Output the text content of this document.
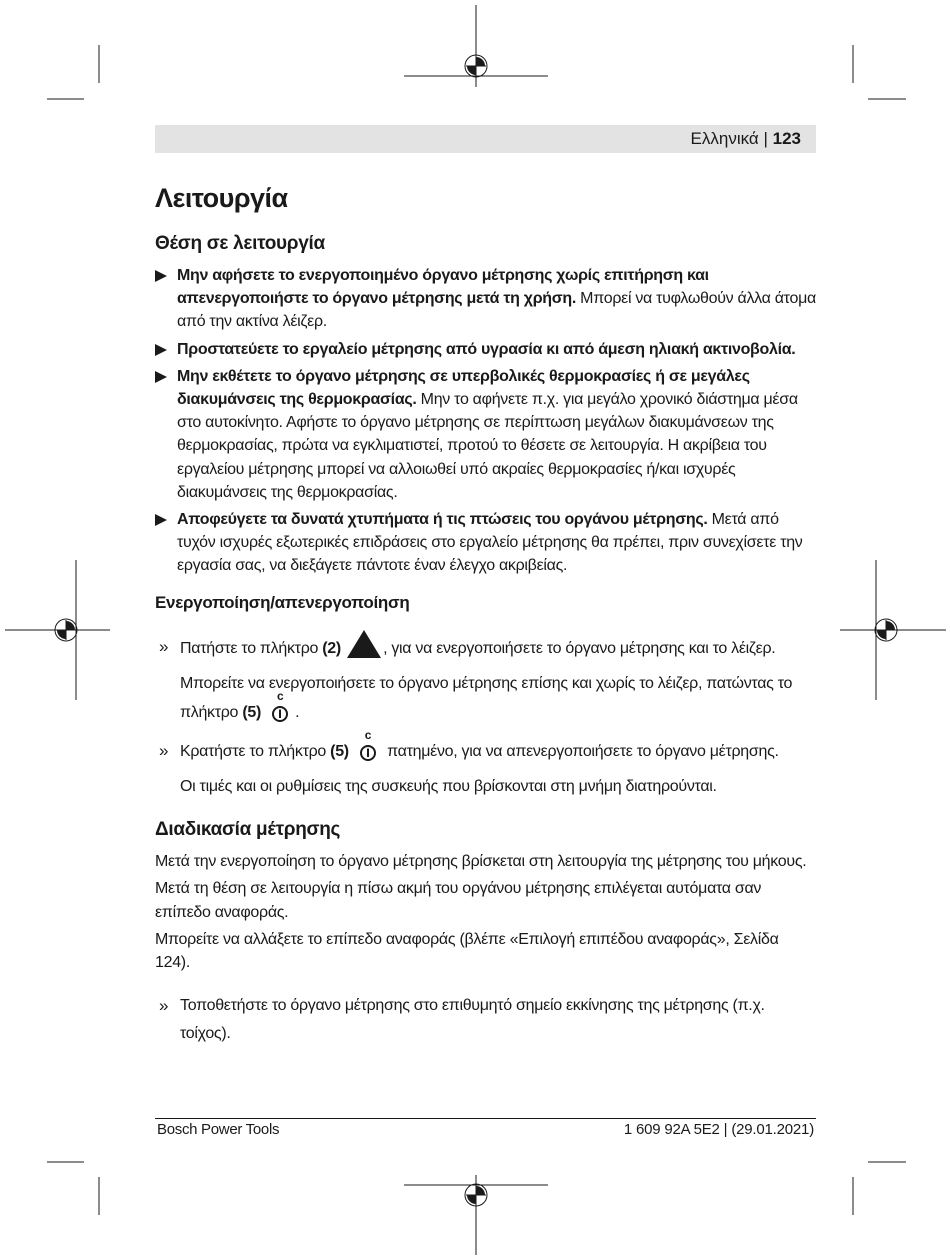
Ελληνικά | 123
Λειτουργία
Θέση σε λειτουργία
Μην αφήσετε το ενεργοποιημένο όργανο μέτρησης χωρίς επιτήρηση και απενεργοποιήστε το όργανο μέτρησης μετά τη χρήση. Μπορεί να τυφλωθούν άλλα άτομα από την ακτίνα λέιζερ.
Προστατεύετε το εργαλείο μέτρησης από υγρασία κι από άμεση ηλιακή ακτινοβολία.
Μην εκθέτετε το όργανο μέτρησης σε υπερβολικές θερμοκρασίες ή σε μεγάλες διακυμάνσεις της θερμοκρασίας. Μην το αφήνετε π.χ. για μεγάλο χρονικό διάστημα μέσα στο αυτοκίνητο. Αφήστε το όργανο μέτρησης σε περίπτωση μεγάλων διακυμάνσεων της θερμοκρασίας, πρώτα να εγκλιματιστεί, προτού το θέσετε σε λειτουργία. Η ακρίβεια του εργαλείου μέτρησης μπορεί να αλλοιωθεί υπό ακραίες θερμοκρασίες ή/και ισχυρές διακυμάνσεις της θερμοκρασίας.
Αποφεύγετε τα δυνατά χτυπήματα ή τις πτώσεις του οργάνου μέτρησης. Μετά από τυχόν ισχυρές εξωτερικές επιδράσεις στο εργαλείο μέτρησης θα πρέπει, πριν συνεχίσετε την εργασία σας, να διεξάγετε πάντοτε έναν έλεγχο ακριβείας.
Ενεργοποίηση/απενεργοποίηση
» Πατήστε το πλήκτρο (2)	, για να ενεργοποιήσετε το όργανο μέτρησης και το λέιζερ.
Μπορείτε να ενεργοποιήσετε το όργανο μέτρησης επίσης και χωρίς το λέιζερ, πατώντας το πλήκτρο (5)
c
.
» Κρατήστε το πλήκτρο (5)
c
πατημένο, για να απενεργοποιήσετε το όργανο μέτρησης.
Οι τιμές και οι ρυθμίσεις της συσκευής που βρίσκονται στη μνήμη διατηρούνται.
Διαδικασία μέτρησης

Μετά την ενεργοποίηση το όργανο μέτρησης βρίσκεται στη λειτουργία της μέτρησης του μήκους.

Μετά τη θέση σε λειτουργία η πίσω ακμή του οργάνου μέτρησης επιλέγεται αυτόματα σαν επίπεδο αναφοράς.

Μπορείτε να αλλάξετε το επίπεδο αναφοράς (βλέπε «Επιλογή επιπέδου αναφοράς», Σελίδα 124).

» Τοποθετήστε το όργανο μέτρησης στο επιθυμητό σημείο εκκίνησης της μέτρησης (π.χ. τοίχος).
Bosch Power Tools	1 609 92A 5E2 | (29.01.2021)
